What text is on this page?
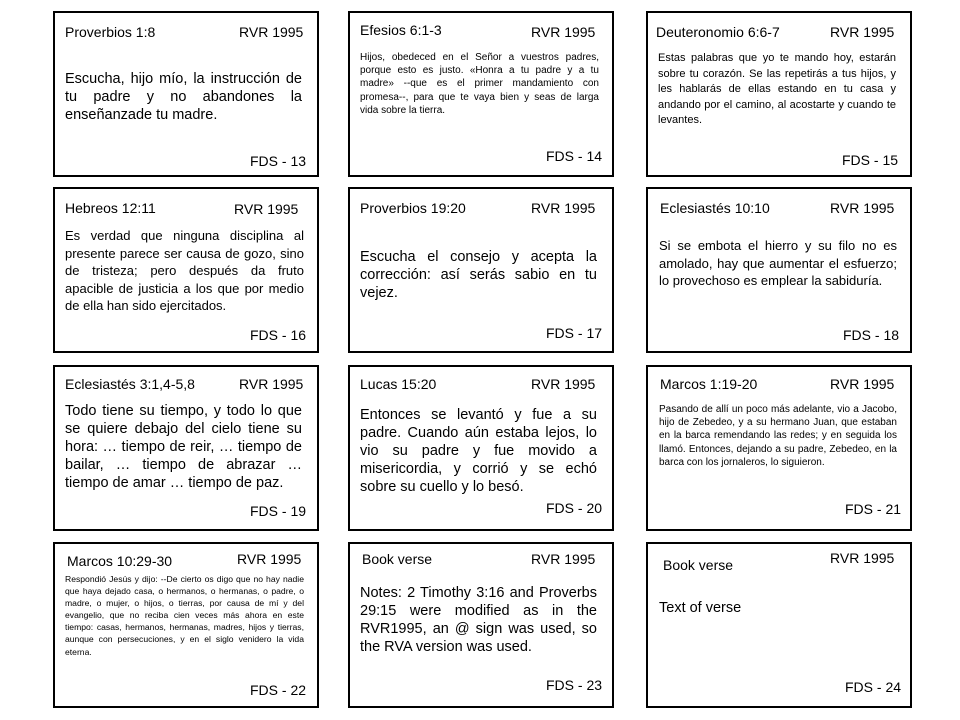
Proverbios 1:8	RVR 1995
Escucha, hijo mío, la instrucción de tu padre y no abandones la enseñanzade tu madre.
FDS - 13
Efesios 6:1-3	RVR 1995
Hijos, obedeced en el Señor a vuestros padres, porque esto es justo. «Honra a tu padre y a tu madre» --que es el primer mandamiento con promesa--, para que te vaya bien y seas de larga vida sobre la tierra.
FDS - 14
Deuteronomio 6:6-7	RVR 1995
Estas palabras que yo te mando hoy, estarán sobre tu corazón. Se las repetirás a tus hijos, y les hablarás de ellas estando en tu casa y andando por el camino, al acostarte y cuando te levantes.
FDS - 15
Hebreos 12:11	RVR 1995
Es verdad que ninguna disciplina al presente parece ser causa de gozo, sino de tristeza; pero después da fruto apacible de justicia a los que por medio de ella han sido ejercitados.
FDS - 16
Proverbios 19:20	RVR 1995
Escucha el consejo y acepta la corrección: así serás sabio en tu vejez.
FDS - 17
Eclesiastés 10:10	RVR 1995
Si se embota el hierro y su filo no es amolado, hay que aumentar el esfuerzo; lo provechoso es emplear la sabiduría.
FDS - 18
Eclesiastés 3:1,4-5,8	RVR 1995
Todo tiene su tiempo, y todo lo que se quiere debajo del cielo tiene su hora: … tiempo de reir, … tiempo de bailar, … tiempo de abrazar … tiempo de amar … tiempo de paz.
FDS - 19
Lucas 15:20	RVR 1995
Entonces se levantó y fue a su padre. Cuando aún estaba lejos, lo vio su padre y fue movido a misericordia, y corrió y se echó sobre su cuello y lo besó.
FDS - 20
Marcos 1:19-20	RVR 1995
Pasando de allí un poco más adelante, vio a Jacobo, hijo de Zebedeo, y a su hermano Juan, que estaban en la barca remendando las redes; y en seguida los llamó. Entonces, dejando a su padre, Zebedeo, en la barca con los jornaleros, lo siguieron.
FDS - 21
Marcos 10:29-30	RVR 1995
Respondió Jesús y dijo: --De cierto os digo que no hay nadie que haya dejado casa, o hermanos, o hermanas, o padre, o madre, o mujer, o hijos, o tierras, por causa de mí y del evangelio, que no reciba cien veces más ahora en este tiempo: casas, hermanos, hermanas, madres, hijos y tierras, aunque con persecuciones, y en el siglo venidero la vida eterna.
FDS - 22
Book verse	RVR 1995
Notes: 2 Timothy 3:16 and Proverbs 29:15 were modified as in the RVR1995, an @ sign was used, so the RVA version was used.
FDS - 23
Book verse	RVR 1995
Text of verse
FDS - 24
